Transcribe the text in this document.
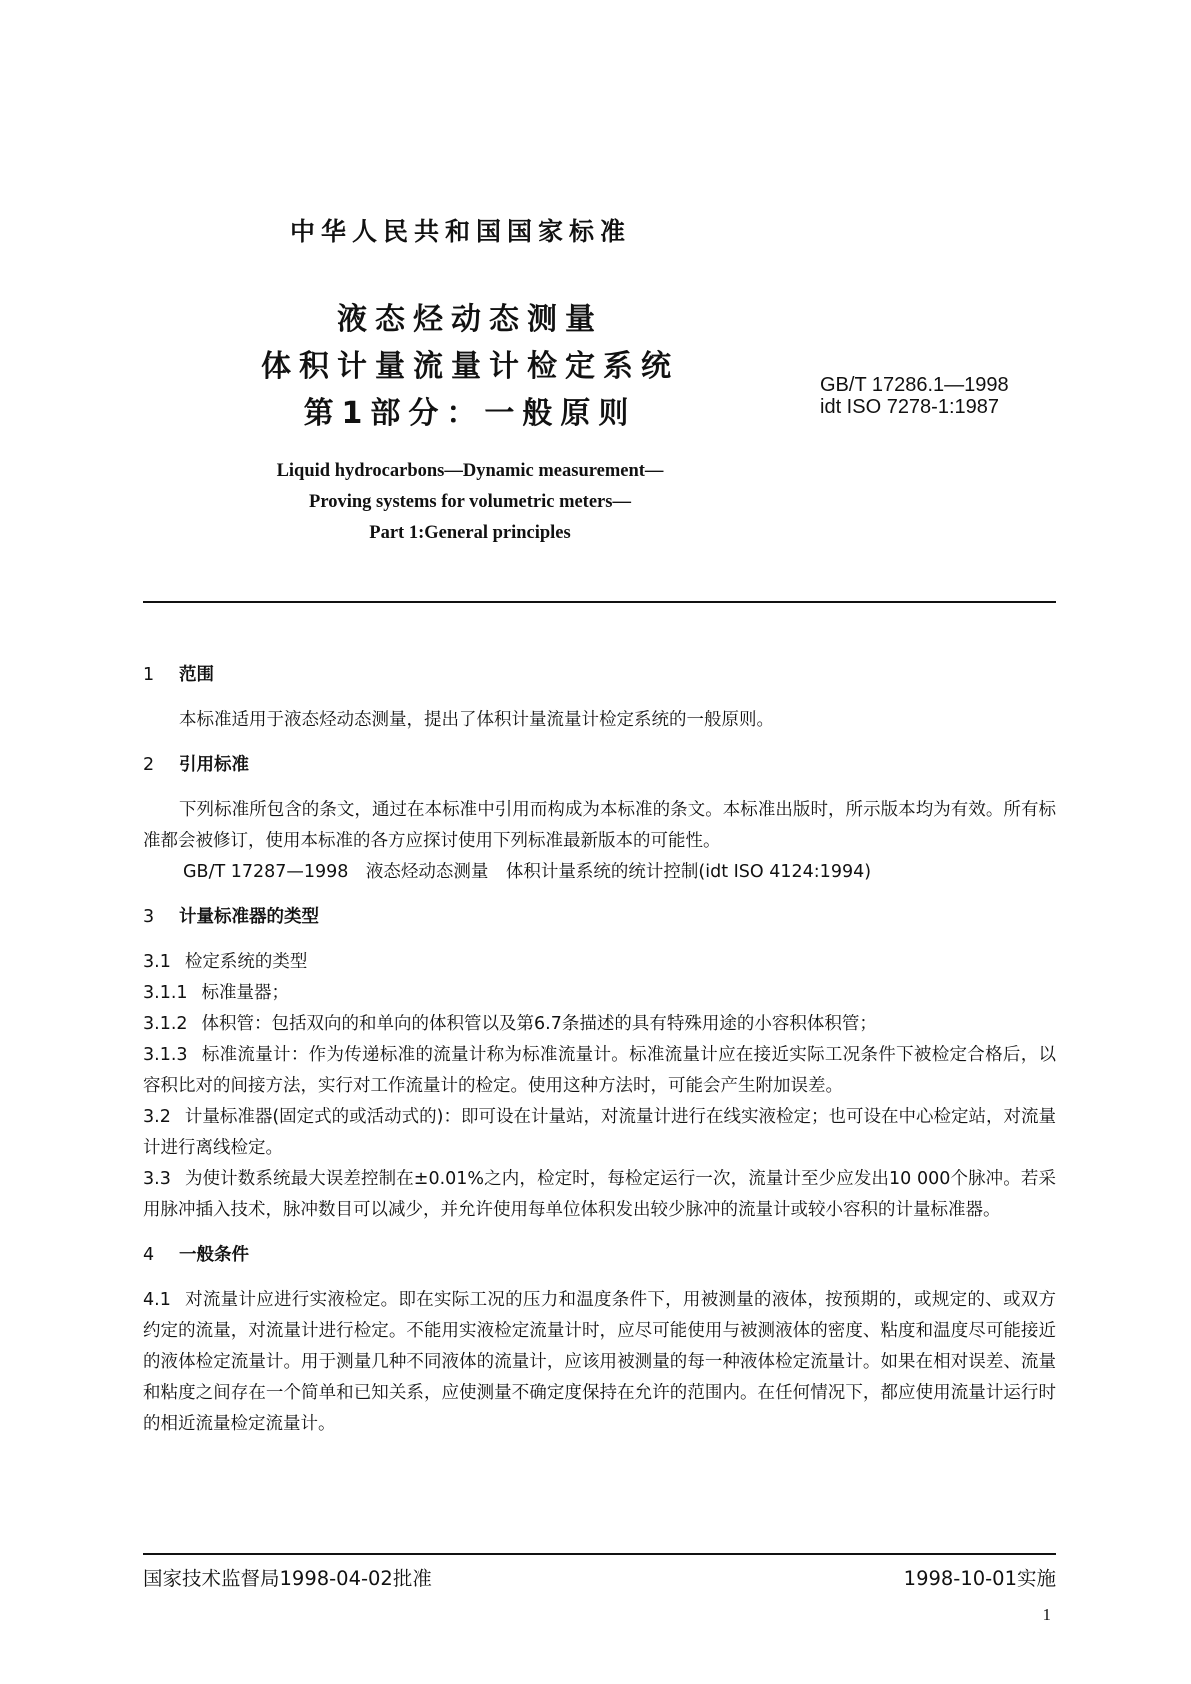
中华人民共和国国家标准
液态烃动态测量
体积计量流量计检定系统
第1部分：一般原则
GB/T 17286.1—1998
idt ISO 7278-1:1987
Liquid hydrocarbons—Dynamic measurement—
Proving systems for volumetric meters—
Part 1:General principles

1 范围

本标准适用于液态烃动态测量，提出了体积计量流量计检定系统的一般原则。

2 引用标准

下列标准所包含的条文，通过在本标准中引用而构成为本标准的条文。本标准出版时，所示版本均为有效。所有标准都会被修订，使用本标准的各方应探讨使用下列标准最新版本的可能性。

GB/T 17287—1998　液态烃动态测量　体积计量系统的统计控制(idt ISO 4124:1994)

3 计量标准器的类型

3.1 检定系统的类型

3.1.1 标准量器；

3.1.2 体积管：包括双向的和单向的体积管以及第6.7条描述的具有特殊用途的小容积体积管；

3.1.3 标准流量计：作为传递标准的流量计称为标准流量计。标准流量计应在接近实际工况条件下被检定合格后，以容积比对的间接方法，实行对工作流量计的检定。使用这种方法时，可能会产生附加误差。

3.2 计量标准器(固定式的或活动式的)：即可设在计量站，对流量计进行在线实液检定；也可设在中心检定站，对流量计进行离线检定。

3.3 为使计数系统最大误差控制在±0.01%之内，检定时，每检定运行一次，流量计至少应发出10 000个脉冲。若采用脉冲插入技术，脉冲数目可以减少，并允许使用每单位体积发出较少脉冲的流量计或较小容积的计量标准器。

4 一般条件

4.1 对流量计应进行实液检定。即在实际工况的压力和温度条件下，用被测量的液体，按预期的，或规定的、或双方约定的流量，对流量计进行检定。不能用实液检定流量计时，应尽可能使用与被测液体的密度、粘度和温度尽可能接近的液体检定流量计。用于测量几种不同液体的流量计，应该用被测量的每一种液体检定流量计。如果在相对误差、流量和粘度之间存在一个简单和已知关系，应使测量不确定度保持在允许的范围内。在任何情况下，都应使用流量计运行时的相近流量检定流量计。

国家技术监督局1998-04-02批准	1998-10-01实施
1
